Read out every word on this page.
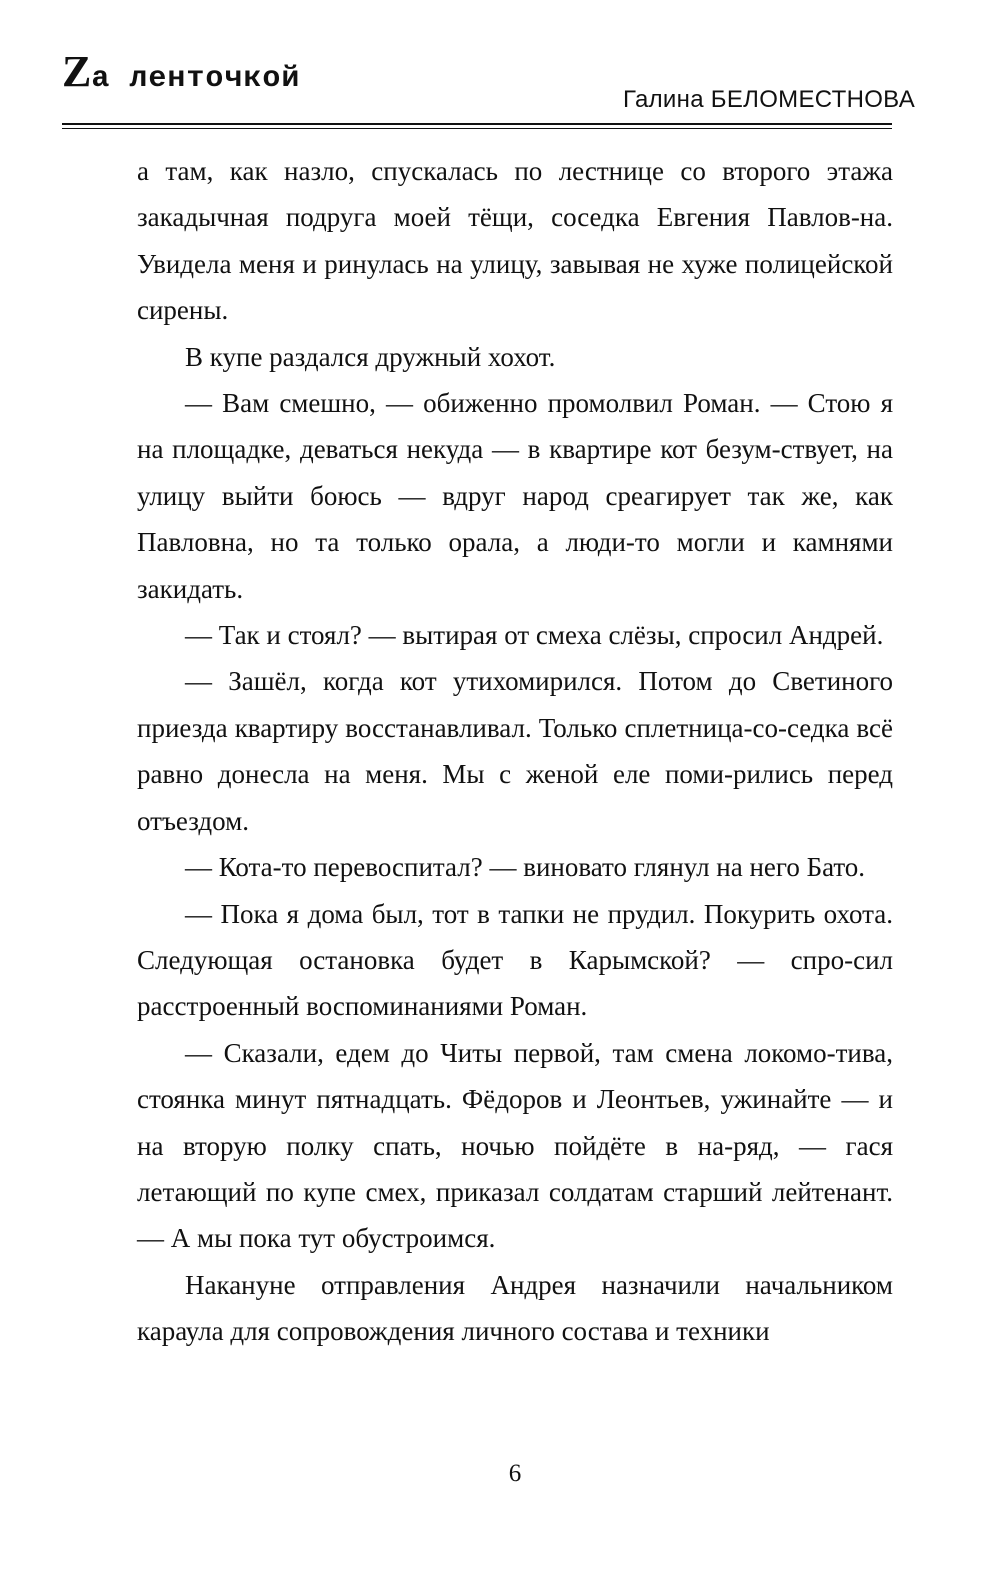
Zа ленточкой
Галина БЕЛОМЕСТНОВА

а там, как назло, спускалась по лестнице со второго этажа закадычная подруга моей тёщи, соседка Евгения Павлов-на. Увидела меня и ринулась на улицу, завывая не хуже полицейской сирены.

В купе раздался дружный хохот.

— Вам смешно, — обиженно промолвил Роман. — Стою я на площадке, деваться некуда — в квартире кот безум-ствует, на улицу выйти боюсь — вдруг народ среагирует так же, как Павловна, но та только орала, а люди-то могли и камнями закидать.

— Так и стоял? — вытирая от смеха слёзы, спросил Андрей.

— Зашёл, когда кот утихомирился. Потом до Светиного приезда квартиру восстанавливал. Только сплетница-со-седка всё равно донесла на меня. Мы с женой еле поми-рились перед отъездом.

— Кота-то перевоспитал? — виновато глянул на него Бато.

— Пока я дома был, тот в тапки не прудил. Покурить охота. Следующая остановка будет в Карымской? — спро-сил расстроенный воспоминаниями Роман.

— Сказали, едем до Читы первой, там смена локомо-тива, стоянка минут пятнадцать. Фёдоров и Леонтьев, ужинайте — и на вторую полку спать, ночью пойдёте в на-ряд, — гася летающий по купе смех, приказал солдатам старший лейтенант. — А мы пока тут обустроимся.

Накануне отправления Андрея назначили начальником караула для сопровождения личного состава и техники

6
